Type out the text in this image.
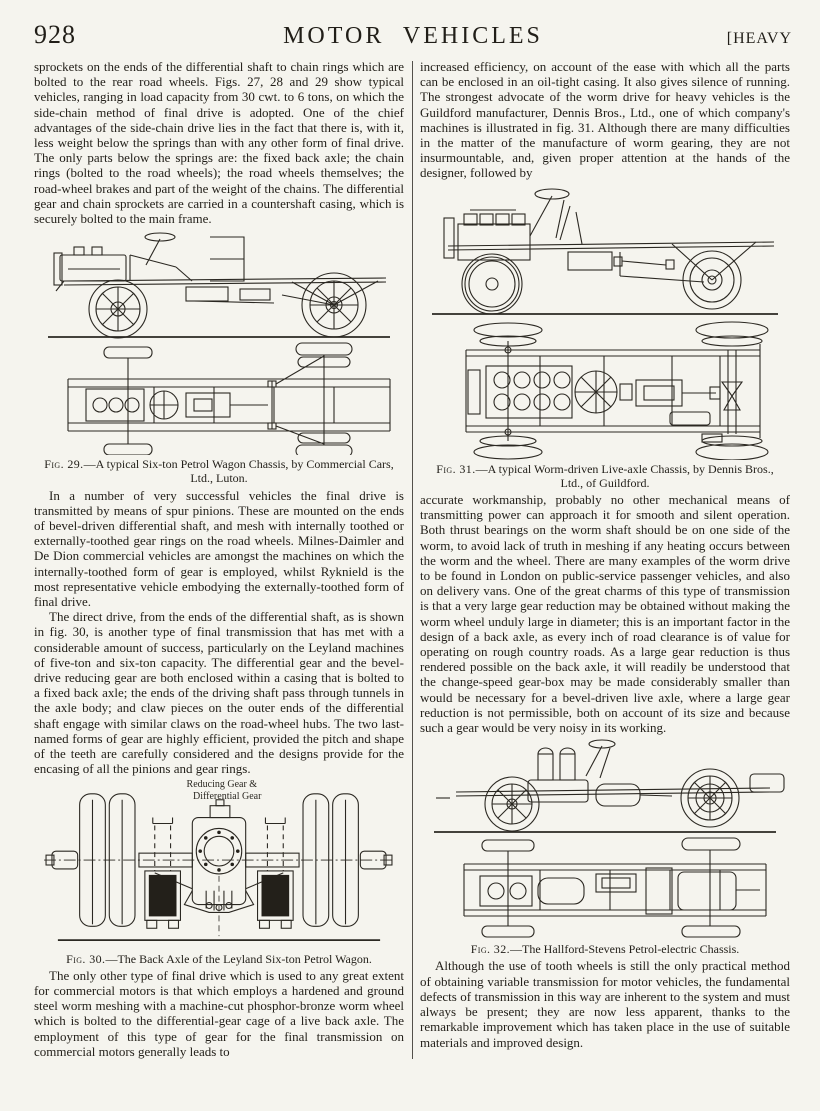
928	MOTOR VEHICLES	[HEAVY

sprockets on the ends of the differential shaft to chain rings which are bolted to the rear road wheels. Figs. 27, 28 and 29 show typical vehicles, ranging in load capacity from 30 cwt. to 6 tons, on which the side-chain method of final drive is adopted. One of the chief advantages of the side-chain drive lies in the fact that there is, with it, less weight below the springs than with any other form of final drive. The only parts below the springs are: the fixed back axle; the chain rings (bolted to the road wheels); the road wheels themselves; the road-wheel brakes and part of the weight of the chains. The differential gear and chain sprockets are carried in a countershaft casing, which is securely bolted to the main frame.

Fig. 29.—A typical Six-ton Petrol Wagon Chassis, by Commercial Cars, Ltd., Luton.

In a number of very successful vehicles the final drive is transmitted by means of spur pinions. These are mounted on the ends of bevel-driven differential shaft, and mesh with internally toothed or externally-toothed gear rings on the road wheels. Milnes-Daimler and De Dion commercial vehicles are amongst the machines on which the internally-toothed form of gear is employed, whilst Ryknield is the most representative vehicle embodying the externally-toothed form of final drive.

The direct drive, from the ends of the differential shaft, as is shown in fig. 30, is another type of final transmission that has met with a considerable amount of success, particularly on the Leyland machines of five-ton and six-ton capacity. The differential gear and the bevel-drive reducing gear are both enclosed within a casing that is bolted to a fixed back axle; the ends of the driving shaft pass through tunnels in the axle body; and claw pieces on the outer ends of the differential shaft engage with similar claws on the road-wheel hubs. The two last-named forms of gear are highly efficient, provided the pitch and shape of the teeth are carefully considered and the designs provide for the encasing of all the pinions and gear rings.

Reducing Gear &
Differential Gear
Fig. 30.—The Back Axle of the Leyland Six-ton Petrol Wagon.

The only other type of final drive which is used to any great extent for commercial motors is that which employs a hardened and ground steel worm meshing with a machine-cut phosphor-bronze worm wheel which is bolted to the differential-gear cage of a live back axle. The employment of this type of gear for the final transmission on commercial motors generally leads to

increased efficiency, on account of the ease with which all the parts can be enclosed in an oil-tight casing. It also gives silence of running. The strongest advocate of the worm drive for heavy vehicles is the Guildford manufacturer, Dennis Bros., Ltd., one of which company's machines is illustrated in fig. 31. Although there are many difficulties in the matter of the manufacture of worm gearing, they are not insurmountable, and, given proper attention at the hands of the designer, followed by

Fig. 31.—A typical Worm-driven Live-axle Chassis, by Dennis Bros., Ltd., of Guildford.

accurate workmanship, probably no other mechanical means of transmitting power can approach it for smooth and silent operation. Both thrust bearings on the worm shaft should be on one side of the worm, to avoid lack of truth in meshing if any heating occurs between the worm and the wheel. There are many examples of the worm drive to be found in London on public-service passenger vehicles, and also on delivery vans. One of the great charms of this type of transmission is that a very large gear reduction may be obtained without making the worm wheel unduly large in diameter; this is an important factor in the design of a back axle, as every inch of road clearance is of value for operating on rough country roads. As a large gear reduction is thus rendered possible on the back axle, it will readily be understood that the change-speed gear-box may be made considerably smaller than would be necessary for a bevel-driven live axle, where a large gear reduction is not permissible, both on account of its size and because such a gear would be very noisy in its working.

Fig. 32.—The Hallford-Stevens Petrol-electric Chassis.

Although the use of tooth wheels is still the only practical method of obtaining variable transmission for motor vehicles, the fundamental defects of transmission in this way are inherent to the system and must always be present; they are now less apparent, thanks to the remarkable improvement which has taken place in the use of suitable materials and improved design.
